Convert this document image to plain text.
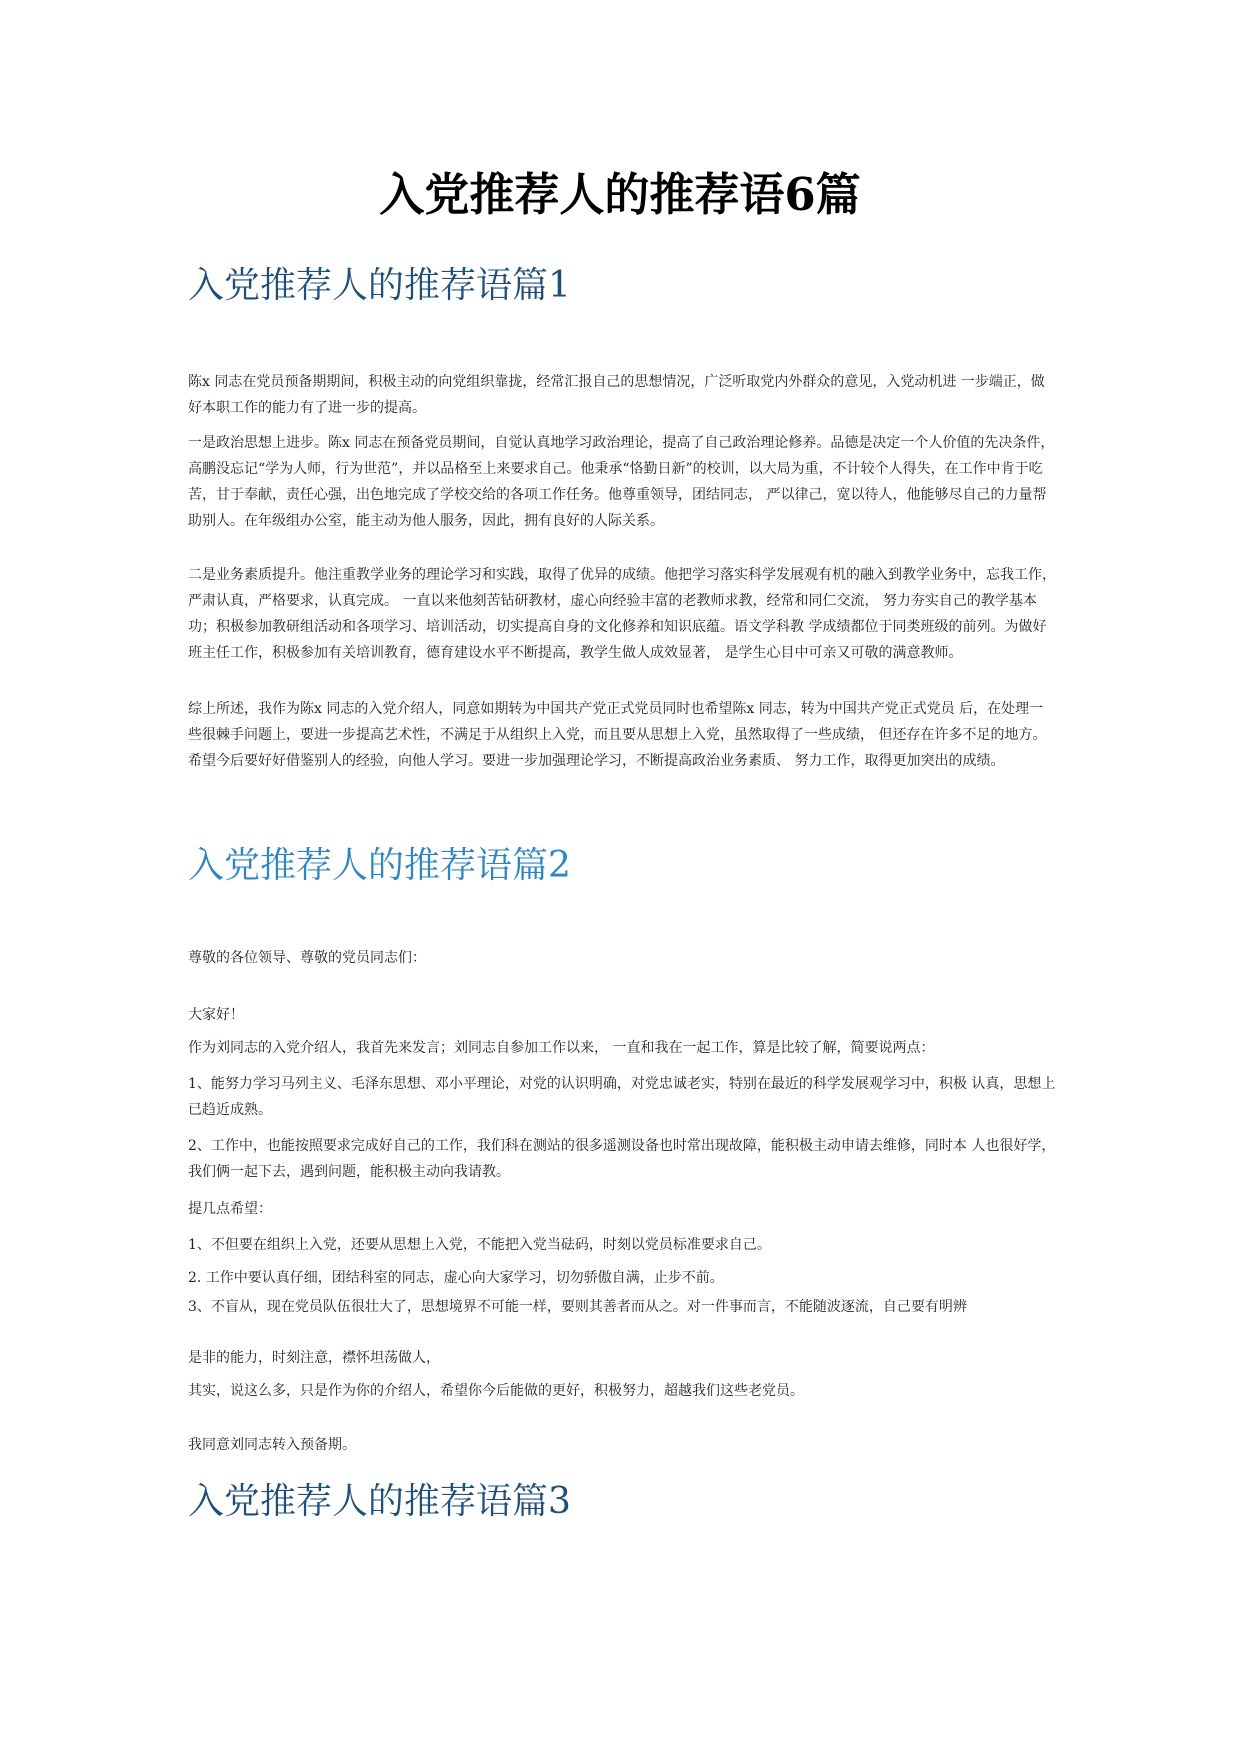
入党推荐人的推荐语6篇
入党推荐人的推荐语篇1

陈x 同志在党员预备期期间，积极主动的向党组织靠拢，经常汇报自己的思想情况，广泛听取党内外群众的意见，入党动机进 一步端正，做好本职工作的能力有了进一步的提高。

一是政治思想上进步。陈x 同志在预备党员期间，自觉认真地学习政治理论，提高了自己政治理论修养。品德是决定一个人价值的先决条件，高鹏没忘记“学为人师，行为世范”，并以品格至上来要求自己。他秉承“恪勤日新”的校训，以大局为重，不计较个人得失，在工作中肯于吃苦，甘于奉献，责任心强，出色地完成了学校交给的各项工作任务。他尊重领导，团结同志， 严以律己，宽以待人，他能够尽自己的力量帮助别人。在年级组办公室，能主动为他人服务，因此，拥有良好的人际关系。

二是业务素质提升。他注重教学业务的理论学习和实践，取得了优异的成绩。他把学习落实科学发展观有机的融入到教学业务中，忘我工作，严肃认真，严格要求，认真完成。 一直以来他刻苦钻研教材，虚心向经验丰富的老教师求教，经常和同仁交流， 努力夯实自己的教学基本功；积极参加教研组活动和各项学习、培训活动，切实提高自身的文化修养和知识底蕴。语文学科教 学成绩都位于同类班级的前列。为做好班主任工作，积极参加有关培训教育，德育建设水平不断提高，教学生做人成效显著， 是学生心目中可亲又可敬的满意教师。

综上所述，我作为陈x 同志的入党介绍人，同意如期转为中国共产党正式党员同时也希望陈x 同志，转为中国共产党正式党员 后，在处理一些很棘手问题上，要进一步提高艺术性，不满足于从组织上入党，而且要从思想上入党，虽然取得了一些成绩， 但还存在许多不足的地方。希望今后要好好借鉴别人的经验，向他人学习。要进一步加强理论学习，不断提高政治业务素质、 努力工作，取得更加突出的成绩。

入党推荐人的推荐语篇2

尊敬的各位领导、尊敬的党员同志们：

大家好！

作为刘同志的入党介绍人，我首先来发言；刘同志自参加工作以来， 一直和我在一起工作，算是比较了解，简要说两点：

1、能努力学习马列主义、毛泽东思想、邓小平理论，对党的认识明确，对党忠诚老实，特别在最近的科学发展观学习中，积极 认真，思想上已趋近成熟。

2、工作中，也能按照要求完成好自己的工作，我们科在测站的很多遥测设备也时常出现故障，能积极主动申请去维修，同时本 人也很好学，我们俩一起下去，遇到问题，能积极主动向我请教。

提几点希望：

1、不但要在组织上入党，还要从思想上入党，不能把入党当砝码，时刻以党员标准要求自己。

2. 工作中要认真仔细，团结科室的同志，虚心向大家学习，切勿骄傲自满，止步不前。

3、不盲从，现在党员队伍很壮大了，思想境界不可能一样，要则其善者而从之。对一件事而言，不能随波逐流，自己要有明辨

是非的能力，时刻注意，襟怀坦荡做人，

其实，说这么多，只是作为你的介绍人，希望你今后能做的更好，积极努力，超越我们这些老党员。

我同意刘同志转入预备期。

入党推荐人的推荐语篇3
